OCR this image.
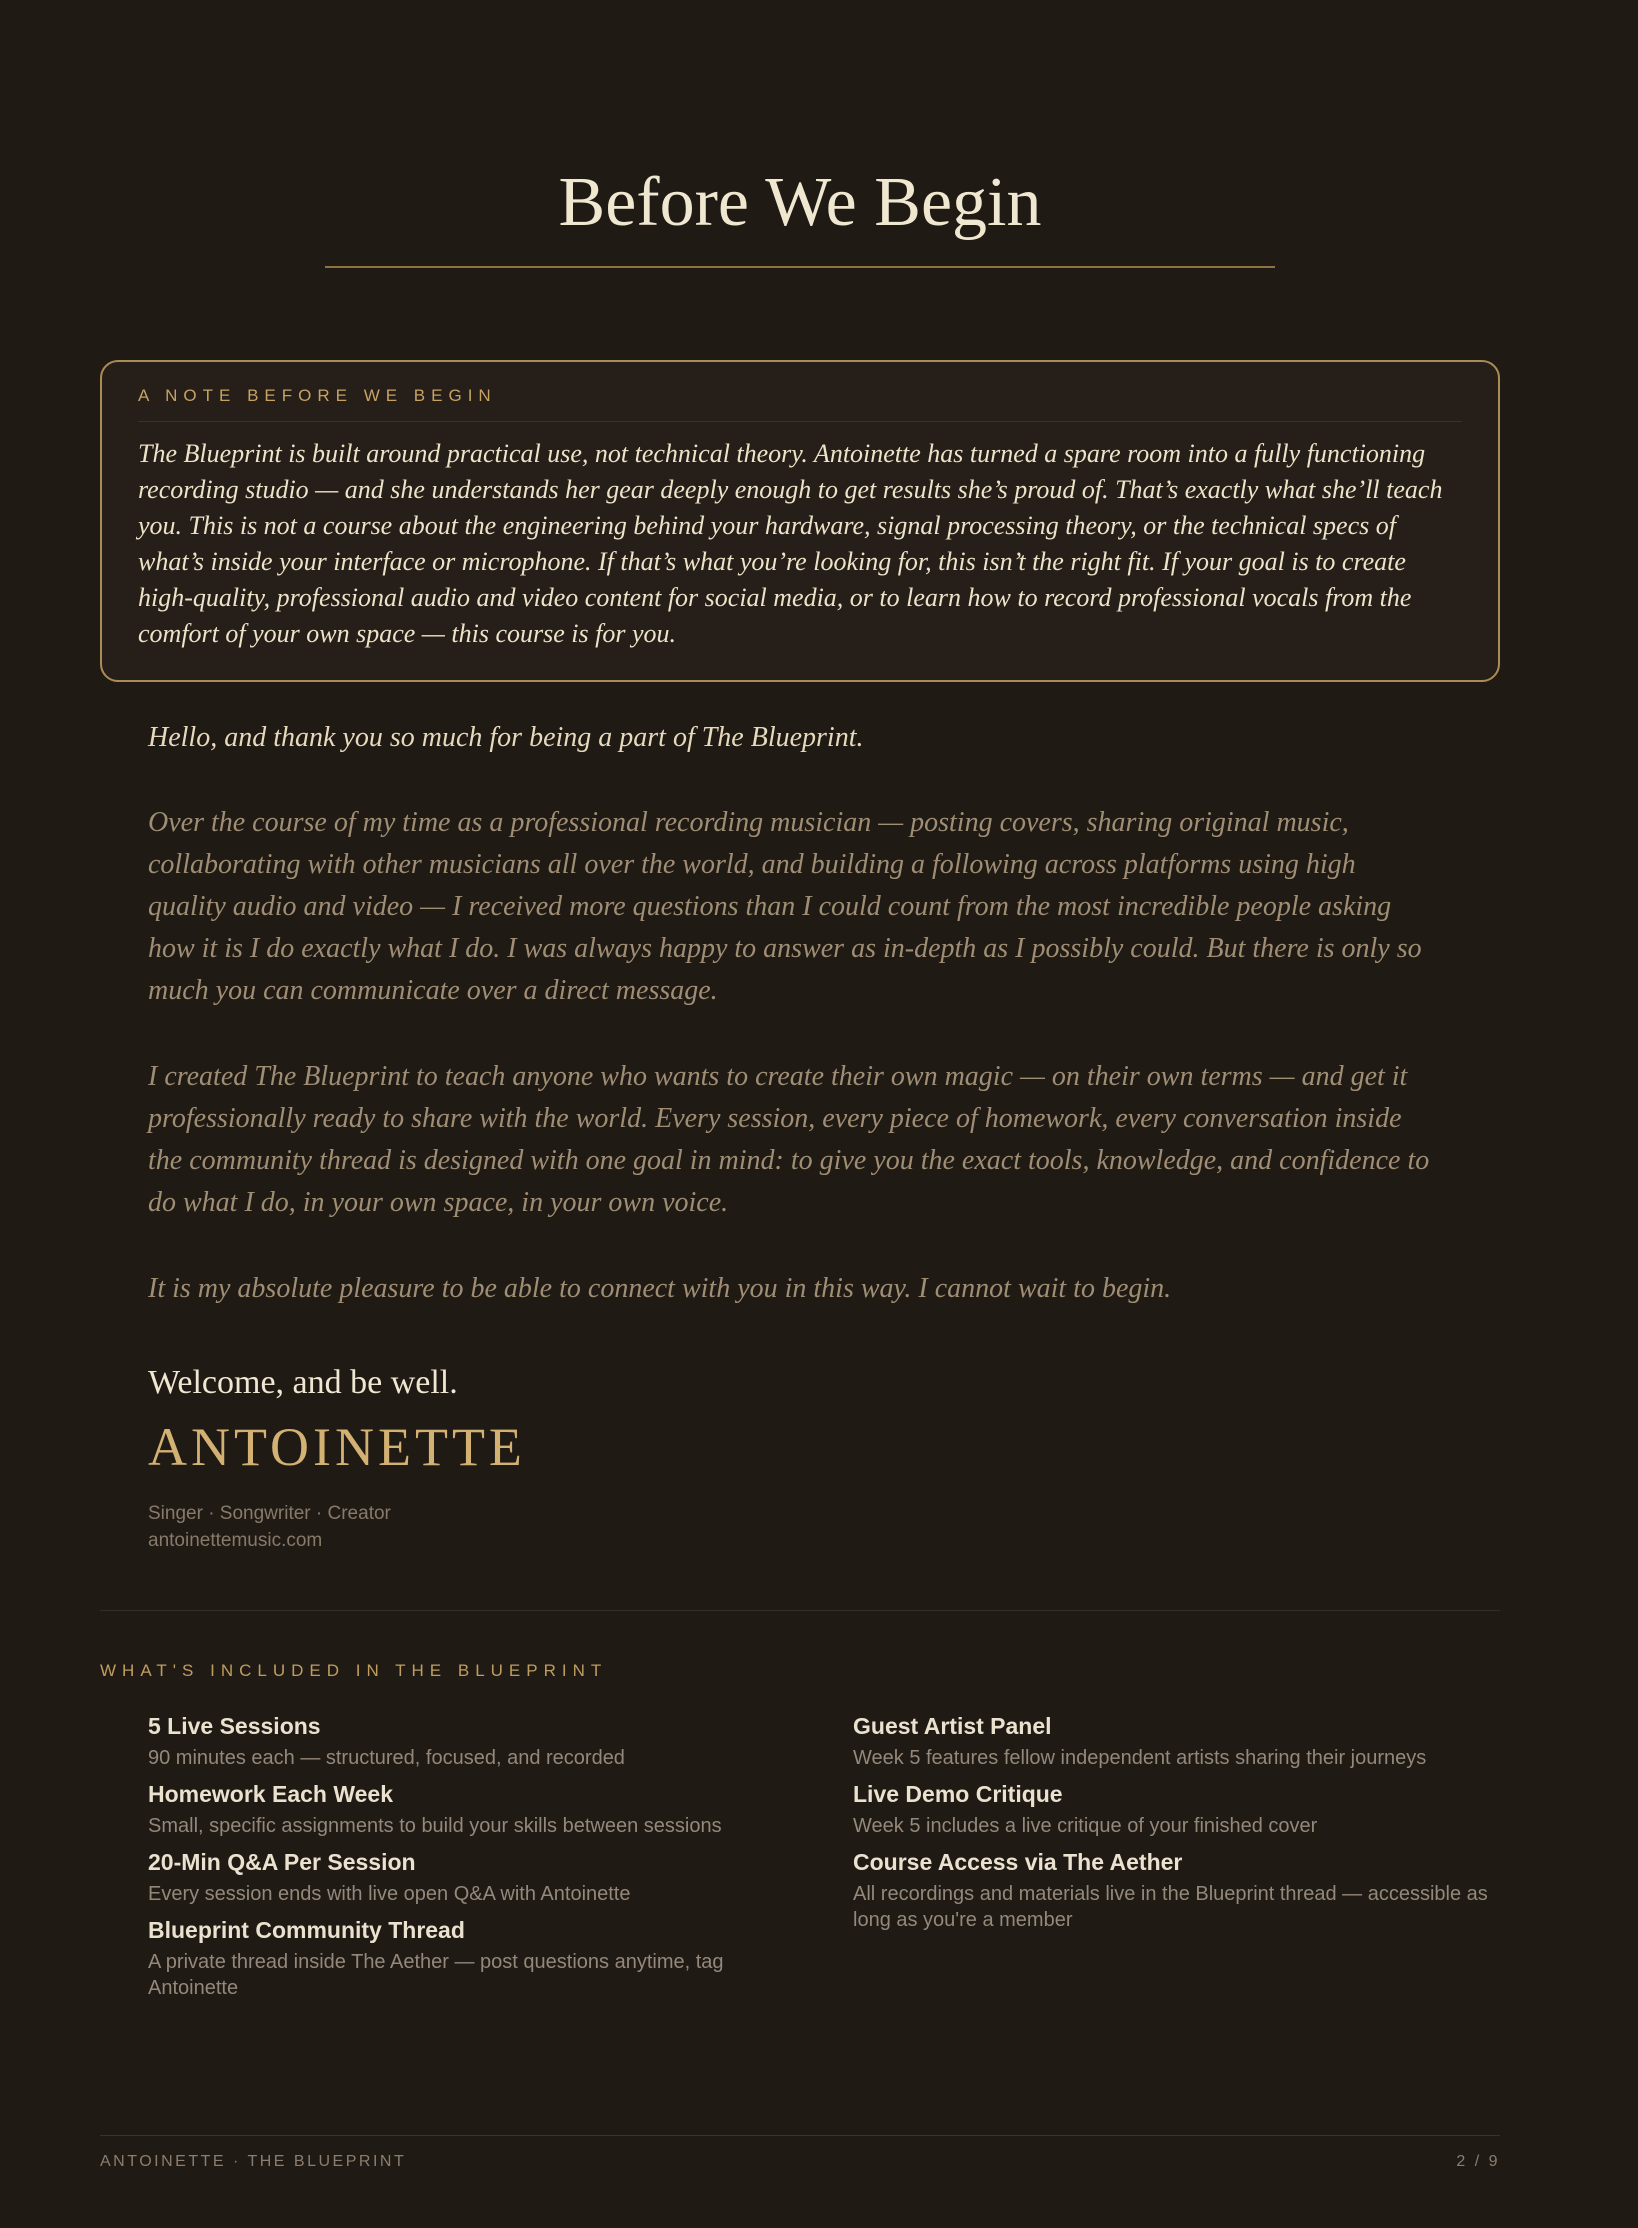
Before We Begin
A NOTE BEFORE WE BEGIN

The Blueprint is built around practical use, not technical theory. Antoinette has turned a spare room into a fully functioning recording studio — and she understands her gear deeply enough to get results she’s proud of. That’s exactly what she’ll teach you. This is not a course about the engineering behind your hardware, signal processing theory, or the technical specs of what’s inside your interface or microphone. If that’s what you’re looking for, this isn’t the right fit. If your goal is to create high-quality, professional audio and video content for social media, or to learn how to record professional vocals from the comfort of your own space — this course is for you.

Hello, and thank you so much for being a part of The Blueprint.

Over the course of my time as a professional recording musician — posting covers, sharing original music, collaborating with other musicians all over the world, and building a following across platforms using high quality audio and video — I received more questions than I could count from the most incredible people asking how it is I do exactly what I do. I was always happy to answer as in-depth as I possibly could. But there is only so much you can communicate over a direct message.

I created The Blueprint to teach anyone who wants to create their own magic — on their own terms — and get it professionally ready to share with the world. Every session, every piece of homework, every conversation inside the community thread is designed with one goal in mind: to give you the exact tools, knowledge, and confidence to do what I do, in your own space, in your own voice.

It is my absolute pleasure to be able to connect with you in this way. I cannot wait to begin.

Welcome, and be well.

ANTOINETTE
Singer · Songwriter · Creator
antoinettemusic.com
WHAT'S INCLUDED IN THE BLUEPRINT
5 Live Sessions
90 minutes each — structured, focused, and recorded
Homework Each Week
Small, specific assignments to build your skills between sessions
20-Min Q&A Per Session
Every session ends with live open Q&A with Antoinette
Blueprint Community Thread
A private thread inside The Aether — post questions anytime, tag Antoinette
Guest Artist Panel
Week 5 features fellow independent artists sharing their journeys
Live Demo Critique
Week 5 includes a live critique of your finished cover
Course Access via The Aether
All recordings and materials live in the Blueprint thread — accessible as long as you're a member
ANTOINETTE · THE BLUEPRINT	2 / 9
